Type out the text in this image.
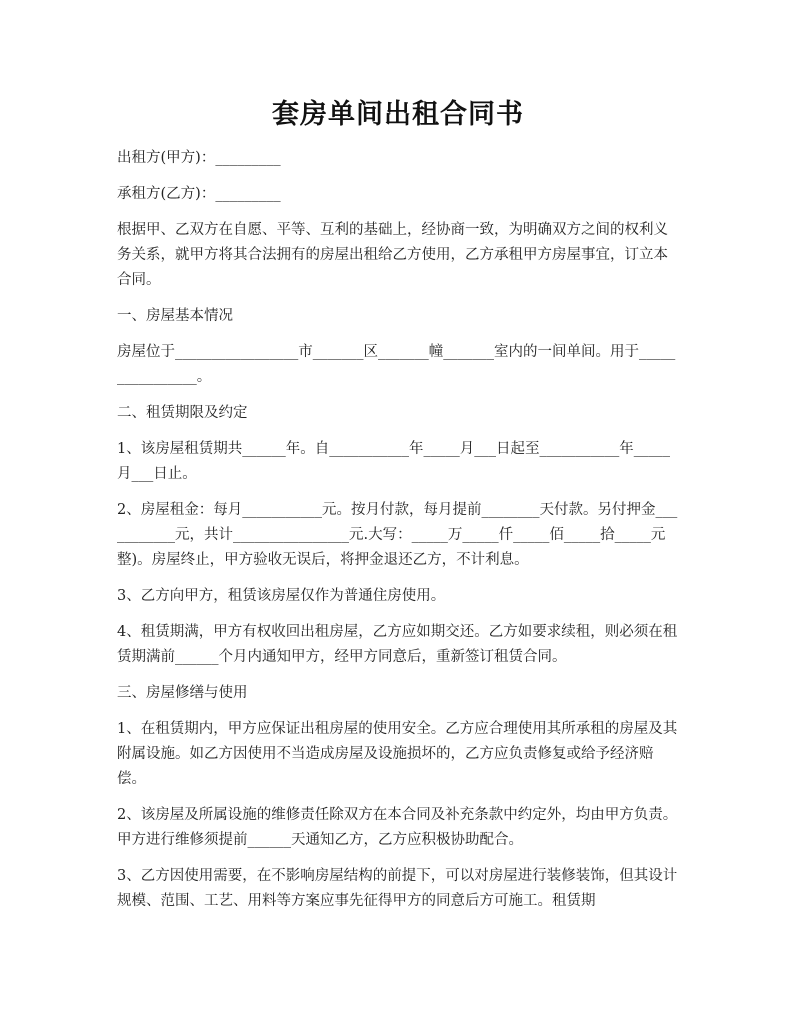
套房单间出租合同书

出租方(甲方)：_________

承租方(乙方)：_________

根据甲、乙双方在自愿、平等、互利的基础上，经协商一致，为明确双方之间的权利义务关系，就甲方将其合法拥有的房屋出租给乙方使用，乙方承租甲方房屋事宜，订立本合同。

一、房屋基本情况

房屋位于_________________市_______区_______幢_______室内的一间单间。用于________________。

二、租赁期限及约定

1、该房屋租赁期共______年。自___________年_____月___日起至___________年_____月___日止。

2、房屋租金：每月___________元。按月付款，每月提前________天付款。另付押金___________元，共计________________元.大写：_____万_____仟_____佰_____拾_____元整)。房屋终止，甲方验收无误后，将押金退还乙方，不计利息。

3、乙方向甲方，租赁该房屋仅作为普通住房使用。

4、租赁期满，甲方有权收回出租房屋，乙方应如期交还。乙方如要求续租，则必须在租赁期满前______个月内通知甲方，经甲方同意后，重新签订租赁合同。

三、房屋修缮与使用

1、在租赁期内，甲方应保证出租房屋的使用安全。乙方应合理使用其所承租的房屋及其附属设施。如乙方因使用不当造成房屋及设施损坏的，乙方应负责修复或给予经济赔偿。

2、该房屋及所属设施的维修责任除双方在本合同及补充条款中约定外，均由甲方负责。甲方进行维修须提前______天通知乙方，乙方应积极协助配合。

3、乙方因使用需要，在不影响房屋结构的前提下，可以对房屋进行装修装饰，但其设计规模、范围、工艺、用料等方案应事先征得甲方的同意后方可施工。租赁期
